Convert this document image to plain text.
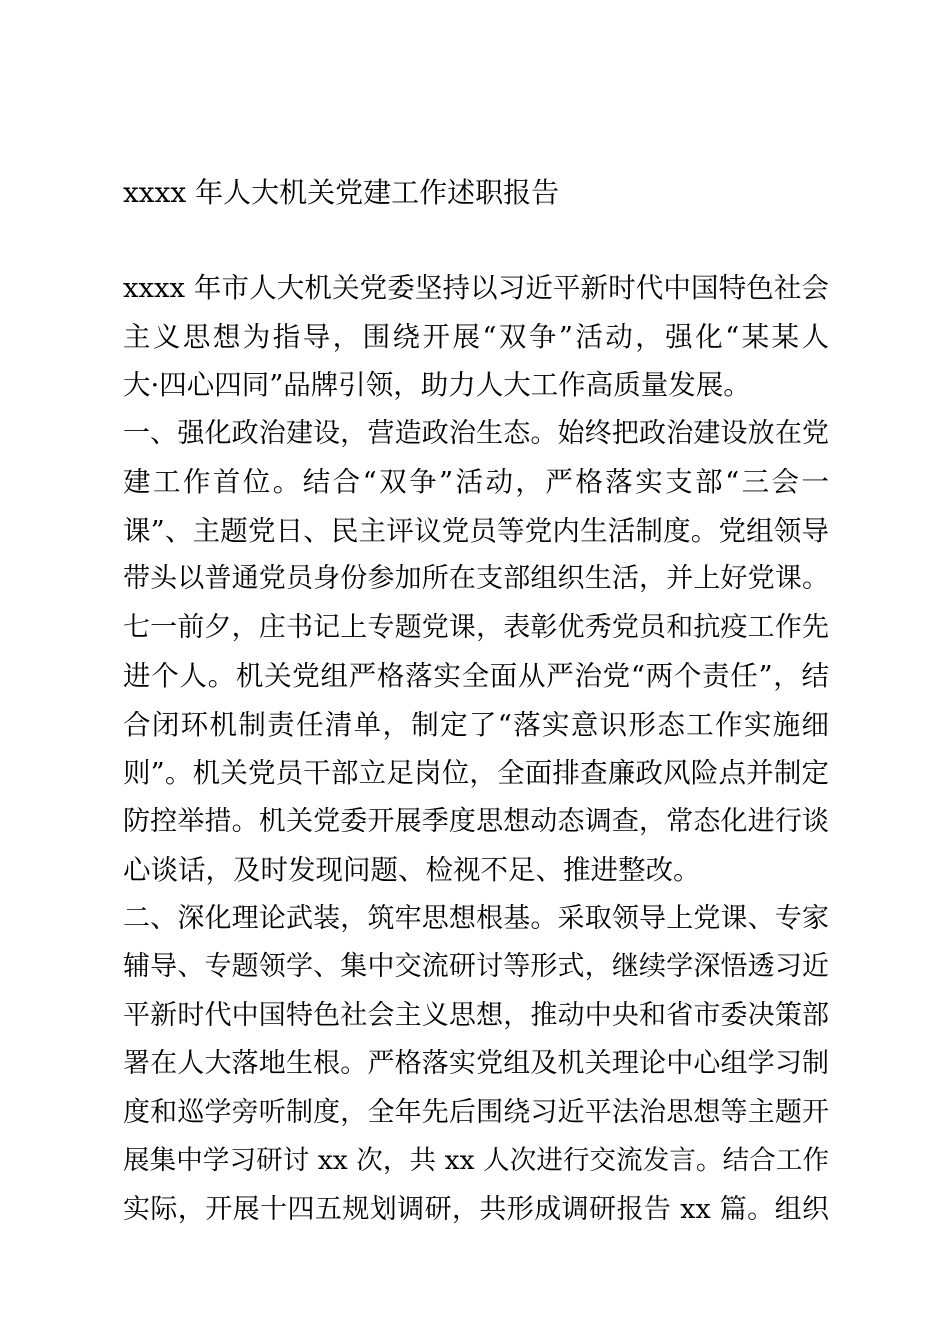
xxxx 年人大机关党建工作述职报告
xxxx 年市人大机关党委坚持以习近平新时代中国特色社会
主义思想为指导，围绕开展“双争”活动，强化“某某人
大·四心四同”品牌引领，助力人大工作高质量发展。
一、强化政治建设，营造政治生态。始终把政治建设放在党
建工作首位。结合“双争”活动，严格落实支部“三会一
课”、主题党日、民主评议党员等党内生活制度。党组领导
带头以普通党员身份参加所在支部组织生活，并上好党课。
七一前夕，庄书记上专题党课，表彰优秀党员和抗疫工作先
进个人。机关党组严格落实全面从严治党“两个责任”，结
合闭环机制责任清单，制定了“落实意识形态工作实施细
则”。机关党员干部立足岗位，全面排查廉政风险点并制定
防控举措。机关党委开展季度思想动态调查，常态化进行谈
心谈话，及时发现问题、检视不足、推进整改。
二、深化理论武装，筑牢思想根基。采取领导上党课、专家
辅导、专题领学、集中交流研讨等形式，继续学深悟透习近
平新时代中国特色社会主义思想，推动中央和省市委决策部
署在人大落地生根。严格落实党组及机关理论中心组学习制
度和巡学旁听制度，全年先后围绕习近平法治思想等主题开
展集中学习研讨 xx 次，共 xx 人次进行交流发言。结合工作
实际，开展十四五规划调研，共形成调研报告 xx 篇。组织
